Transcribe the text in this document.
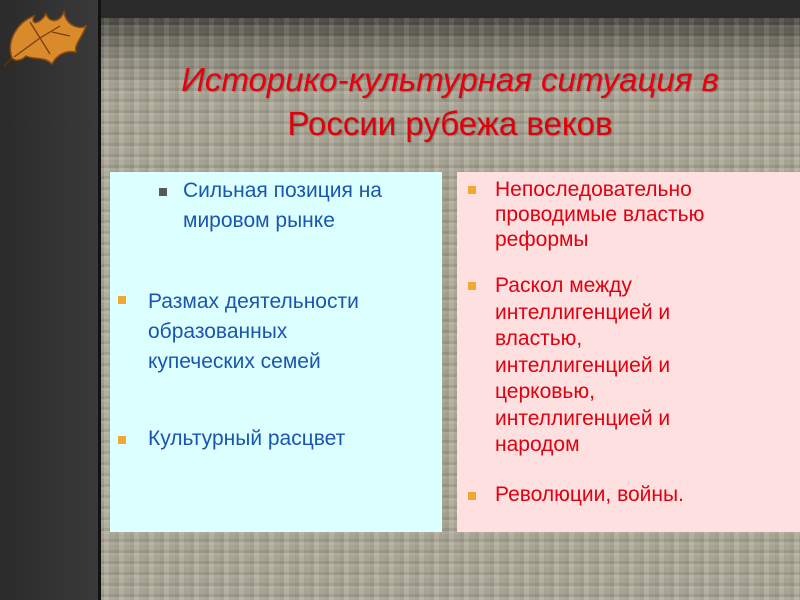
Историко-культурная ситуация в
России рубежа веков
Сильная позиция на
мировом рынке
Размах деятельности
образованных
купеческих семей
Культурный расцвет
Непоследовательно
проводимые властью
реформы
Раскол между
интеллигенцией и
властью,
интеллигенцией и
церковью,
интеллигенцией и
народом
Революции, войны.
